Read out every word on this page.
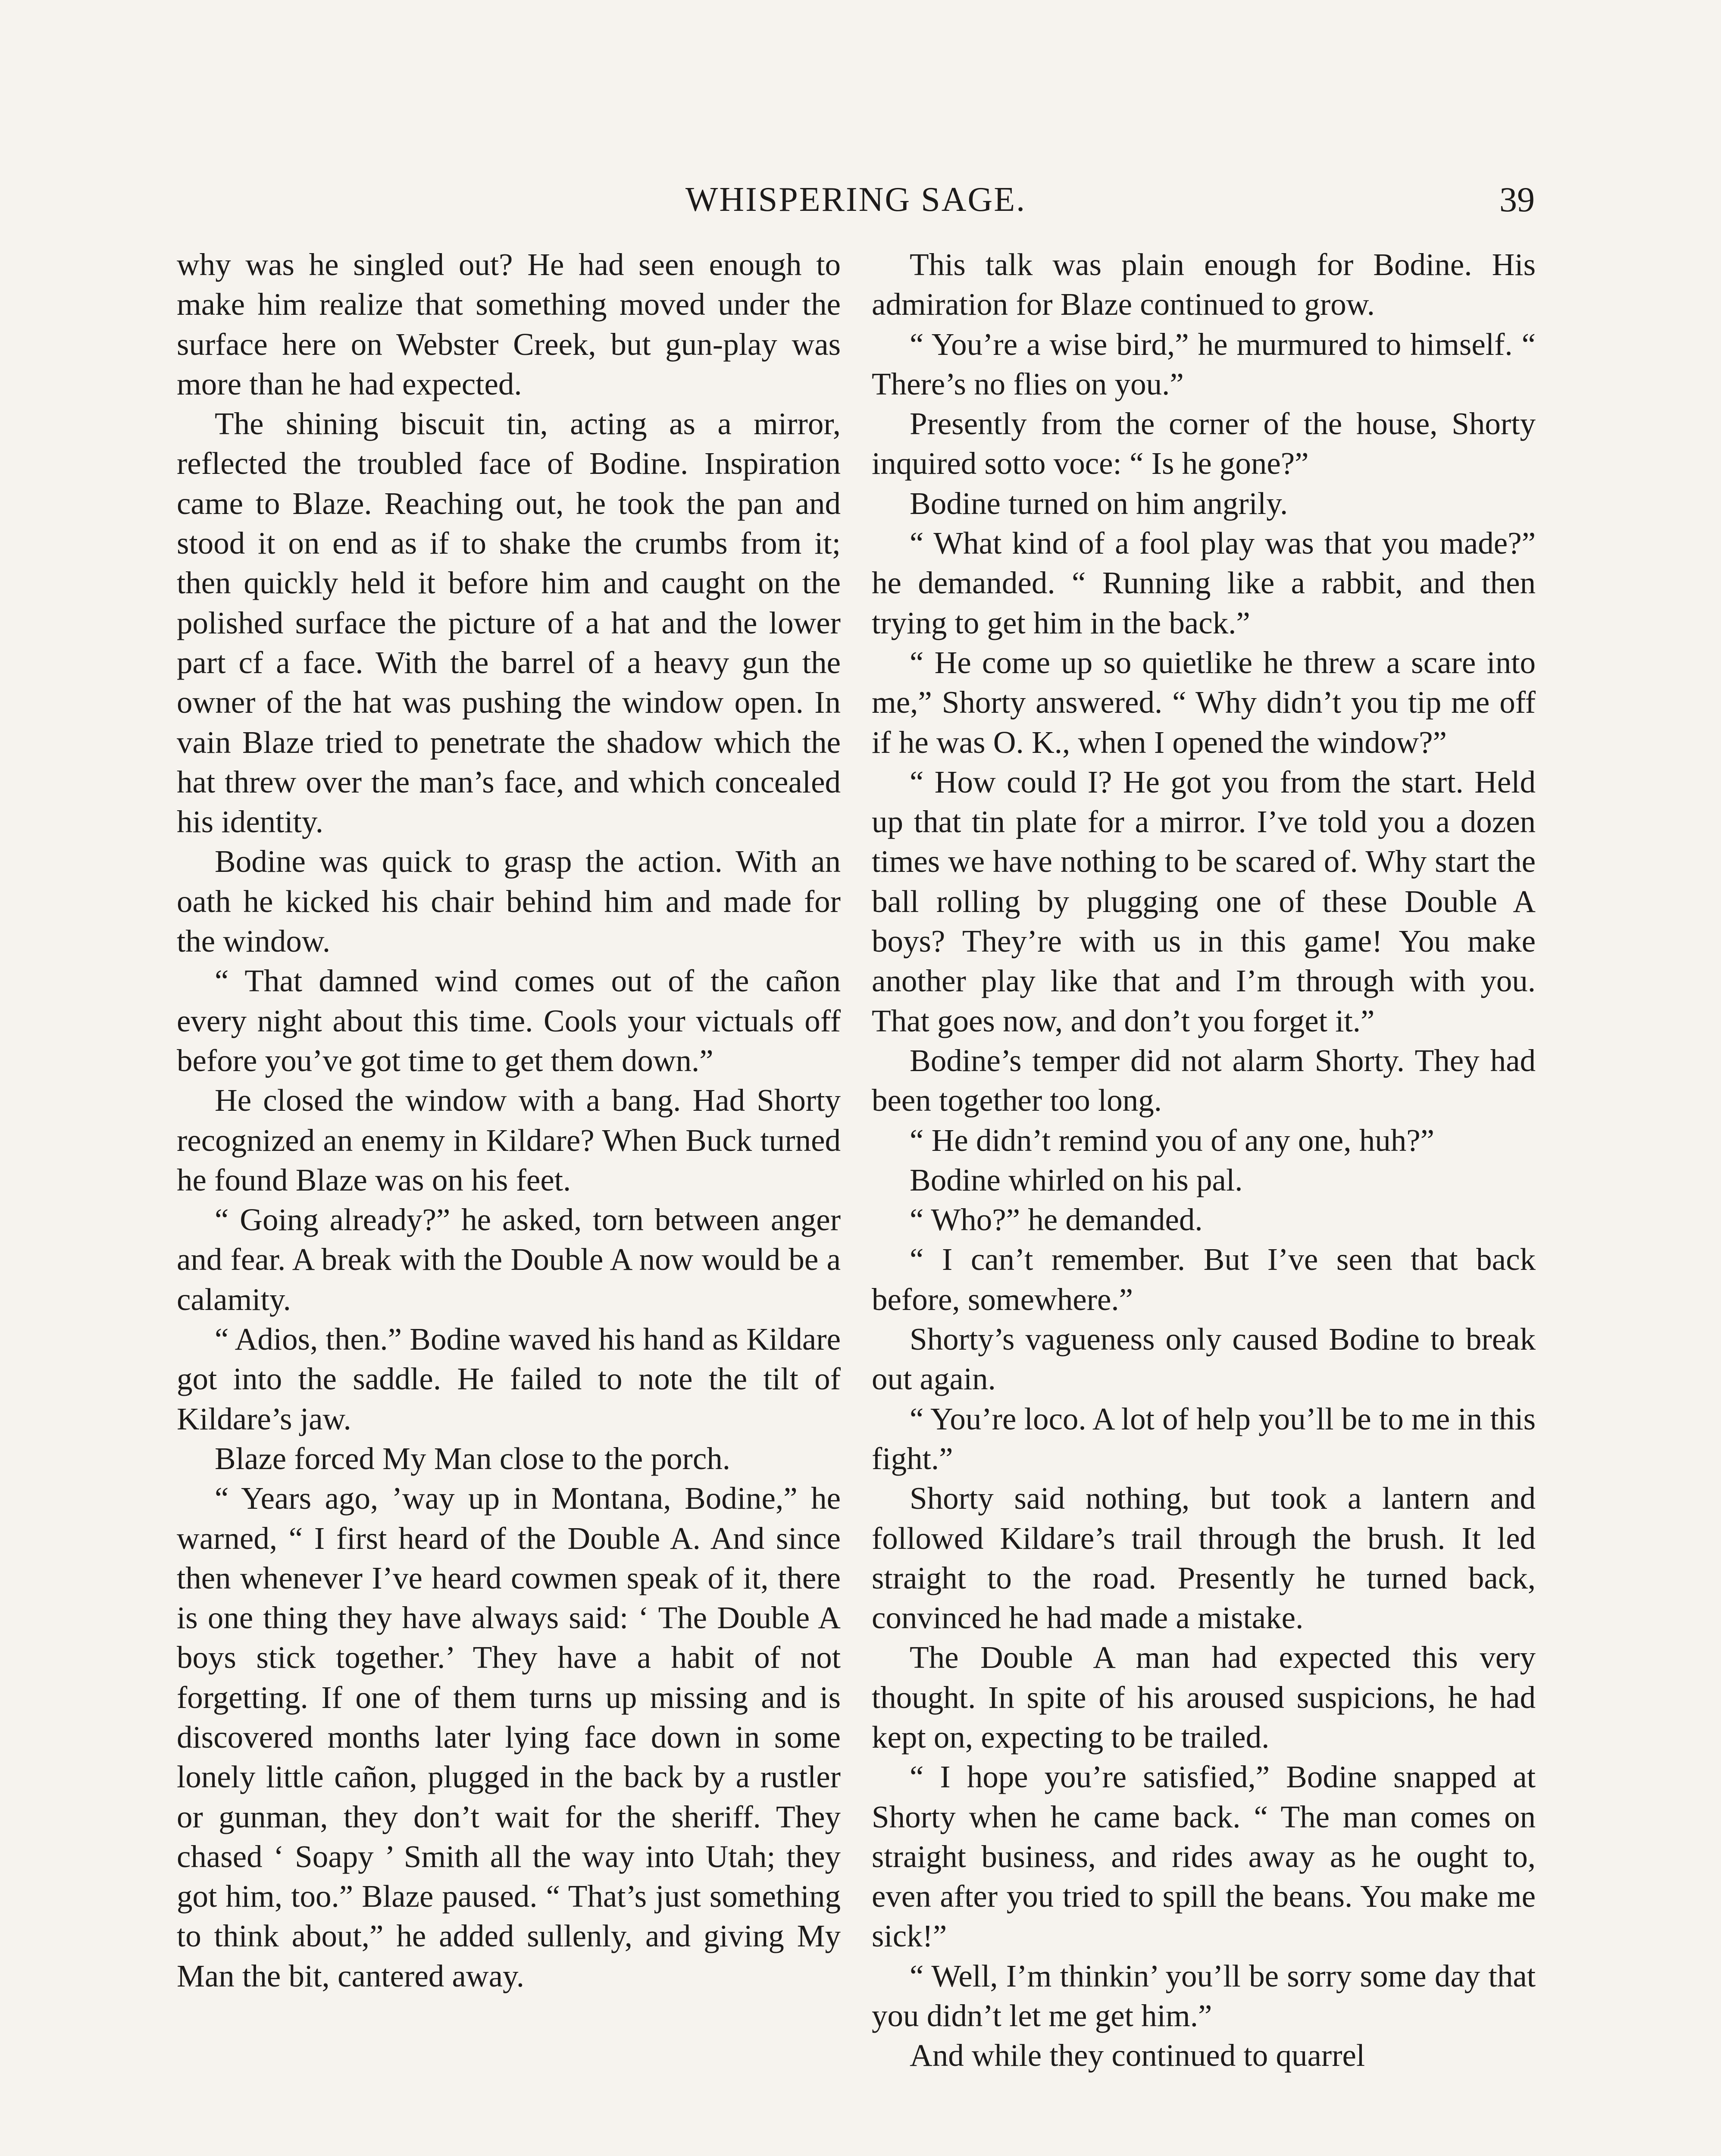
WHISPERING SAGE.	39

why was he singled out? He had seen enough to make him realize that something moved under the surface here on Webster Creek, but gun-play was more than he had expected.

The shining biscuit tin, acting as a mirror, reflected the troubled face of Bodine. Inspiration came to Blaze. Reaching out, he took the pan and stood it on end as if to shake the crumbs from it; then quickly held it before him and caught on the polished surface the picture of a hat and the lower part cf a face. With the barrel of a heavy gun the owner of the hat was pushing the window open. In vain Blaze tried to penetrate the shadow which the hat threw over the man’s face, and which concealed his identity.

Bodine was quick to grasp the action. With an oath he kicked his chair behind him and made for the window.

“ That damned wind comes out of the cañon every night about this time. Cools your victuals off before you’ve got time to get them down.”

He closed the window with a bang. Had Shorty recognized an enemy in Kildare? When Buck turned he found Blaze was on his feet.

“ Going already?” he asked, torn between anger and fear. A break with the Double A now would be a calamity.

“ Adios, then.” Bodine waved his hand as Kildare got into the saddle. He failed to note the tilt of Kildare’s jaw.

Blaze forced My Man close to the porch.

“ Years ago, ’way up in Montana, Bodine,” he warned, “ I first heard of the Double A. And since then whenever I’ve heard cowmen speak of it, there is one thing they have always said: ‘ The Double A boys stick together.’ They have a habit of not forgetting. If one of them turns up missing and is discovered months later lying face down in some lonely little cañon, plugged in the back by a rustler or gunman, they don’t wait for the sheriff. They chased ‘ Soapy ’ Smith all the way into Utah; they got him, too.” Blaze paused. “ That’s just something to think about,” he added sullenly, and giving My Man the bit, cantered away.

This talk was plain enough for Bodine. His admiration for Blaze continued to grow.

“ You’re a wise bird,” he murmured to himself. “ There’s no flies on you.”

Presently from the corner of the house, Shorty inquired sotto voce: “ Is he gone?”

Bodine turned on him angrily.

“ What kind of a fool play was that you made?” he demanded. “ Running like a rabbit, and then trying to get him in the back.”

“ He come up so quietlike he threw a scare into me,” Shorty answered. “ Why didn’t you tip me off if he was O. K., when I opened the window?”

“ How could I? He got you from the start. Held up that tin plate for a mirror. I’ve told you a dozen times we have nothing to be scared of. Why start the ball rolling by plugging one of these Double A boys? They’re with us in this game! You make another play like that and I’m through with you. That goes now, and don’t you forget it.”

Bodine’s temper did not alarm Shorty. They had been together too long.

“ He didn’t remind you of any one, huh?”

Bodine whirled on his pal.

“ Who?” he demanded.

“ I can’t remember. But I’ve seen that back before, somewhere.”

Shorty’s vagueness only caused Bodine to break out again.

“ You’re loco. A lot of help you’ll be to me in this fight.”

Shorty said nothing, but took a lantern and followed Kildare’s trail through the brush. It led straight to the road. Presently he turned back, convinced he had made a mistake.

The Double A man had expected this very thought. In spite of his aroused suspicions, he had kept on, expecting to be trailed.

“ I hope you’re satisfied,” Bodine snapped at Shorty when he came back. “ The man comes on straight business, and rides away as he ought to, even after you tried to spill the beans. You make me sick!”

“ Well, I’m thinkin’ you’ll be sorry some day that you didn’t let me get him.”

And while they continued to quarrel
